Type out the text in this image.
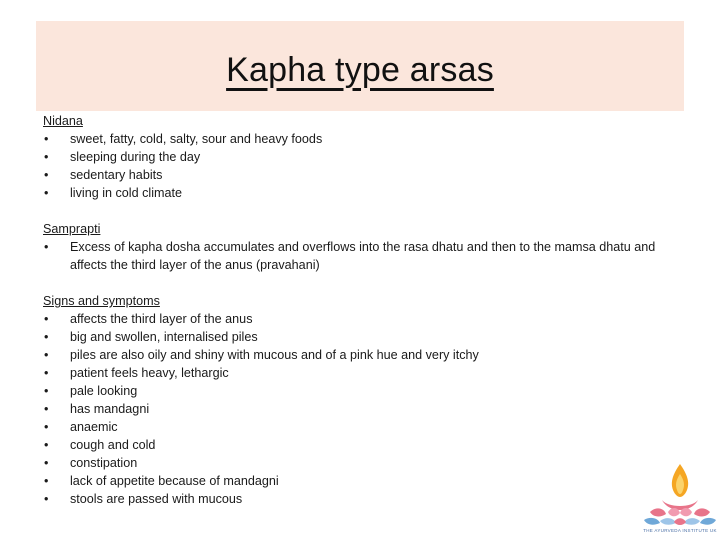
Kapha type arsas
Nidana
• sweet, fatty, cold, salty, sour and heavy foods
• sleeping during the day
• sedentary habits
• living in cold climate
Samprapti
• Excess of kapha dosha accumulates and overflows into the rasa dhatu and then to the mamsa dhatu and affects the third layer of the anus (pravahani)
Signs and symptoms
• affects the third layer of the anus
• big and swollen, internalised piles
• piles are also oily and shiny with mucous and of a pink hue and very itchy
• patient feels heavy, lethargic
• pale looking
• has mandagni
• anaemic
• cough and cold
• constipation
• lack of appetite because of mandagni
• stools are passed with mucous
THE AYURVEDA INSTITUTE UK
